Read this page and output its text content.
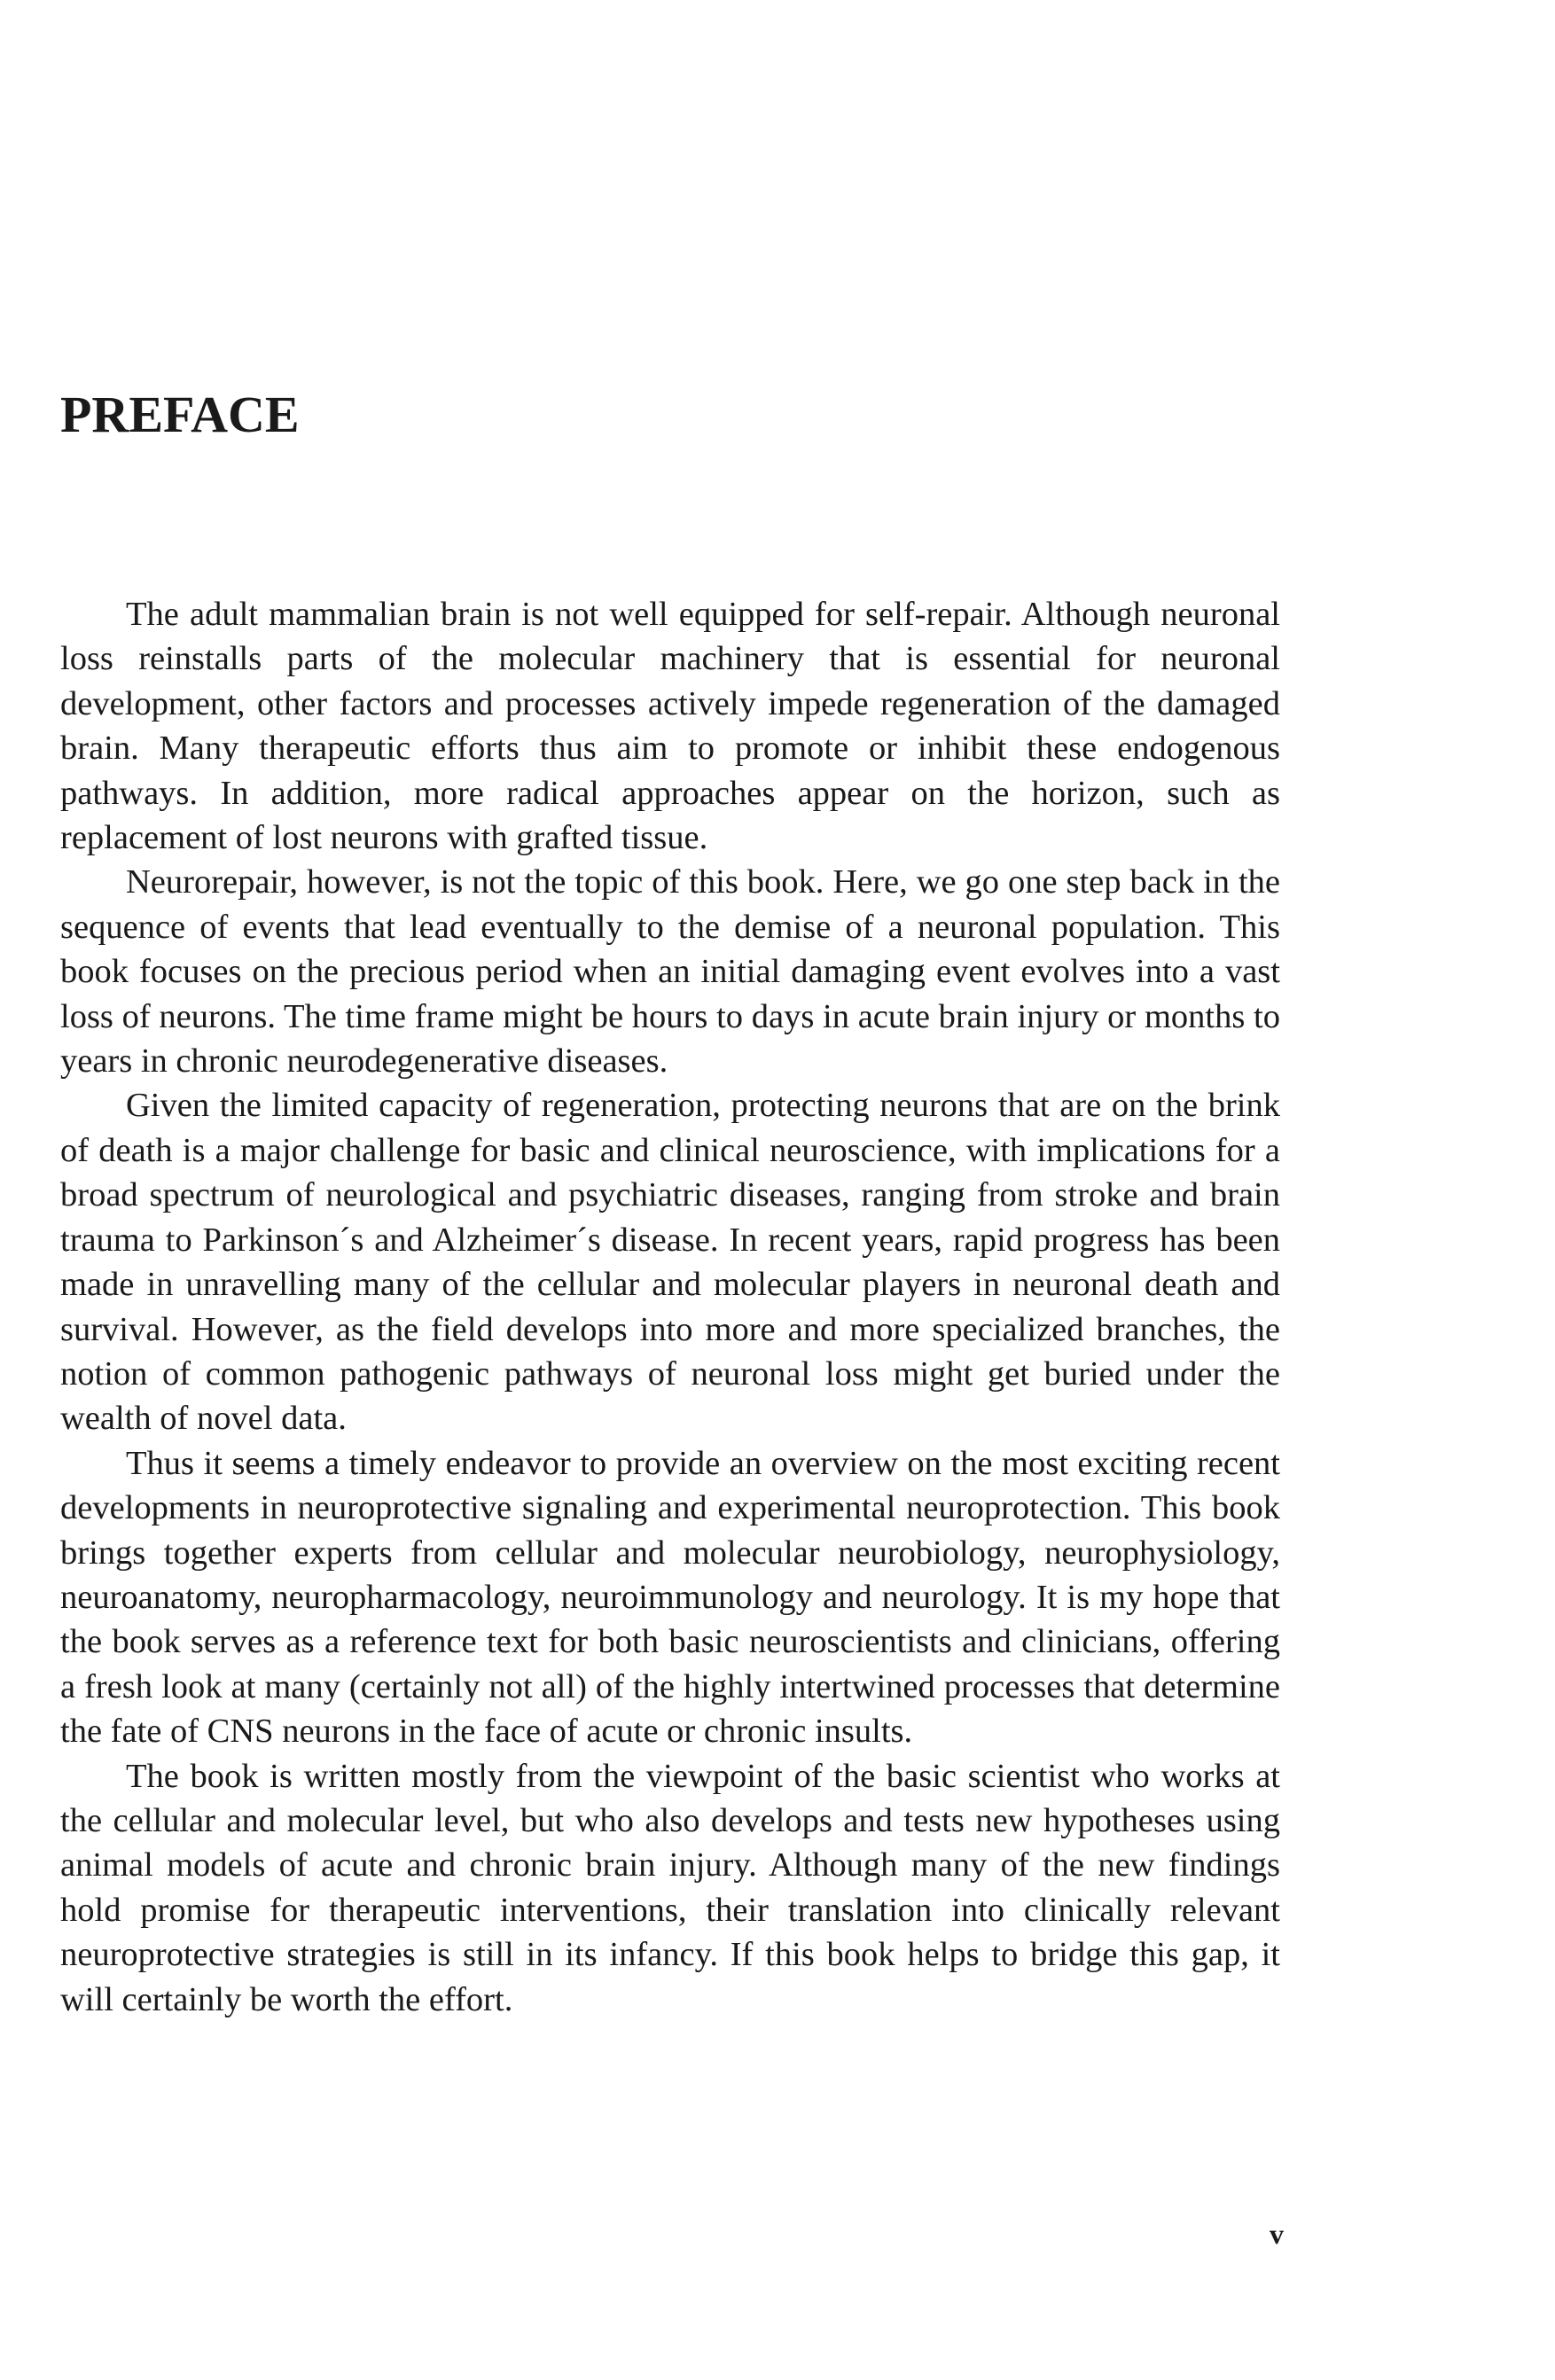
PREFACE

The adult mammalian brain is not well equipped for self-repair. Although neuronal loss reinstalls parts of the molecular machinery that is essential for neuronal development, other factors and processes actively impede regeneration of the damaged brain. Many therapeutic efforts thus aim to promote or inhibit these endogenous pathways. In addition, more radical approaches appear on the horizon, such as replacement of lost neurons with grafted tissue.

Neurorepair, however, is not the topic of this book. Here, we go one step back in the sequence of events that lead eventually to the demise of a neuronal population. This book focuses on the precious period when an initial damaging event evolves into a vast loss of neurons. The time frame might be hours to days in acute brain injury or months to years in chronic neurodegenerative diseases.

Given the limited capacity of regeneration, protecting neurons that are on the brink of death is a major challenge for basic and clinical neuroscience, with implications for a broad spectrum of neurological and psychiatric diseases, ranging from stroke and brain trauma to Parkinson´s and Alzheimer´s disease. In recent years, rapid progress has been made in unravelling many of the cellular and molecular players in neuronal death and survival. However, as the field develops into more and more specialized branches, the notion of common pathogenic pathways of neuronal loss might get buried under the wealth of novel data.

Thus it seems a timely endeavor to provide an overview on the most exciting recent developments in neuroprotective signaling and experimental neuroprotection. This book brings together experts from cellular and molecular neurobiology, neurophysiology, neuroanatomy, neuropharmacology, neuroimmunology and neurology. It is my hope that the book serves as a reference text for both basic neuroscientists and clinicians, offering a fresh look at many (certainly not all) of the highly intertwined processes that determine the fate of CNS neurons in the face of acute or chronic insults.

The book is written mostly from the viewpoint of the basic scientist who works at the cellular and molecular level, but who also develops and tests new hypotheses using animal models of acute and chronic brain injury. Although many of the new findings hold promise for therapeutic interventions, their translation into clinically relevant neuroprotective strategies is still in its infancy. If this book helps to bridge this gap, it will certainly be worth the effort.

v
